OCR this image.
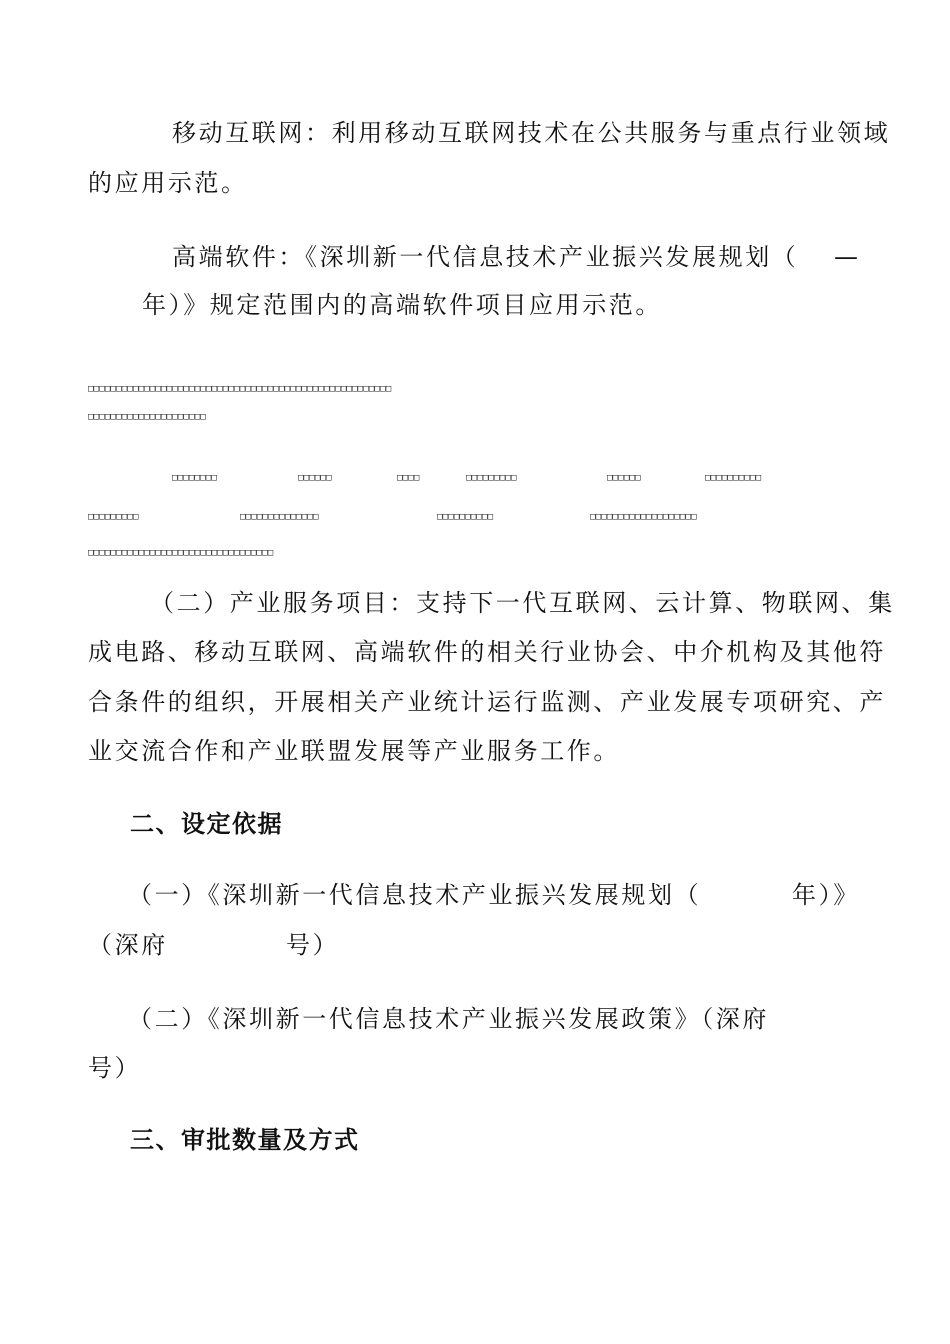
移动互联网：利用移动互联网技术在公共服务与重点行业领域
的应用示范。
高端软件：《深圳新一代信息技术产业振兴发展规划（ —
年）》规定范围内的高端软件项目应用示范。
□□□□□□□□□□□□□□□□□□□□□□□□□□□□□□□□□□□□□□□□□□□□□□□□□□□□□□
□□□□□□□□□□□□□□□□□□□□□
□□□□□□□□	□□□□□□	□□□□	□□□□□□□□□	□□□□□□	□□□□□□□□□□
□□□□□□□□□	□□□□□□□□□□□□□□	□□□□□□□□□□	□□□□□□□□□□□□□□□□□□□
□□□□□□□□□□□□□□□□□□□□□□□□□□□□□□□□□
（二）产业服务项目：支持下一代互联网、云计算、物联网、集
成电路、移动互联网、高端软件的相关行业协会、中介机构及其他符
合条件的组织，开展相关产业统计运行监测、产业发展专项研究、产
业交流合作和产业联盟发展等产业服务工作。
二、设定依据
（一）《深圳新一代信息技术产业振兴发展规划（	年）》
（深府	号）
（二）《深圳新一代信息技术产业振兴发展政策》（深府
号）
三、审批数量及方式
